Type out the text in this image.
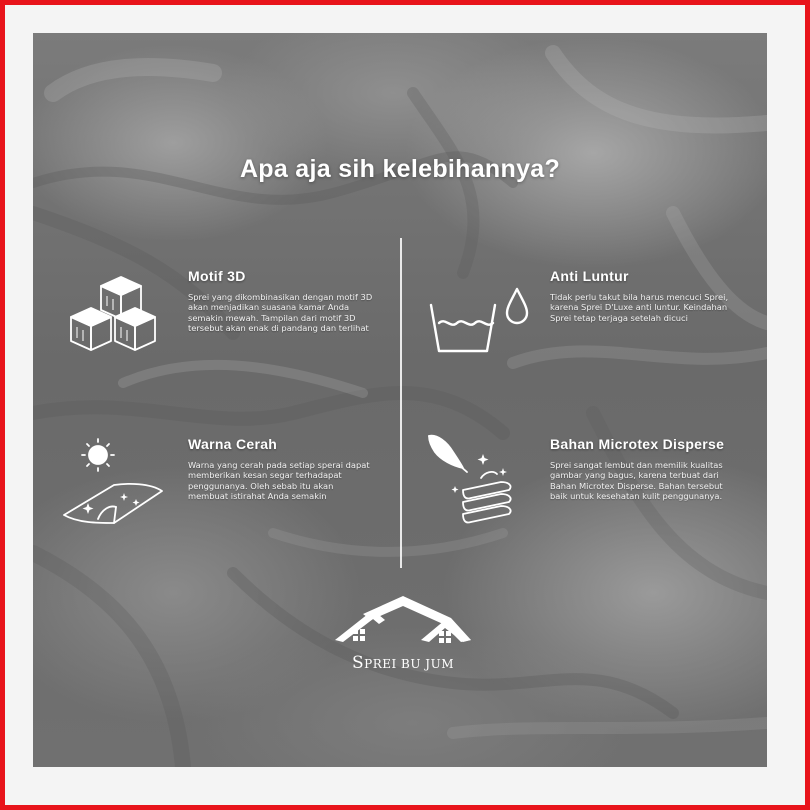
Apa aja sih kelebihannya?
Motif 3D

Sprei yang dikombinasikan dengan motif 3D akan menjadikan suasana kamar Anda semakin mewah. Tampilan dari motif 3D tersebut akan enak di pandang dan terlihat

Anti Luntur

Tidak perlu takut bila harus mencuci Sprei, karena Sprei D'Luxe anti luntur. Keindahan Sprei tetap terjaga setelah dicuci

Warna Cerah

Warna yang cerah pada setiap sperai dapat memberikan kesan segar terhadapat penggunanya. Oleh sebab itu akan membuat istirahat Anda semakin

Bahan Microtex Disperse

Sprei sangat lembut dan memilik kualitas gambar yang bagus, karena terbuat dari Bahan Microtex Disperse. Bahan tersebut baik untuk kesehatan kulit penggunanya.

SPREI BU JUM
